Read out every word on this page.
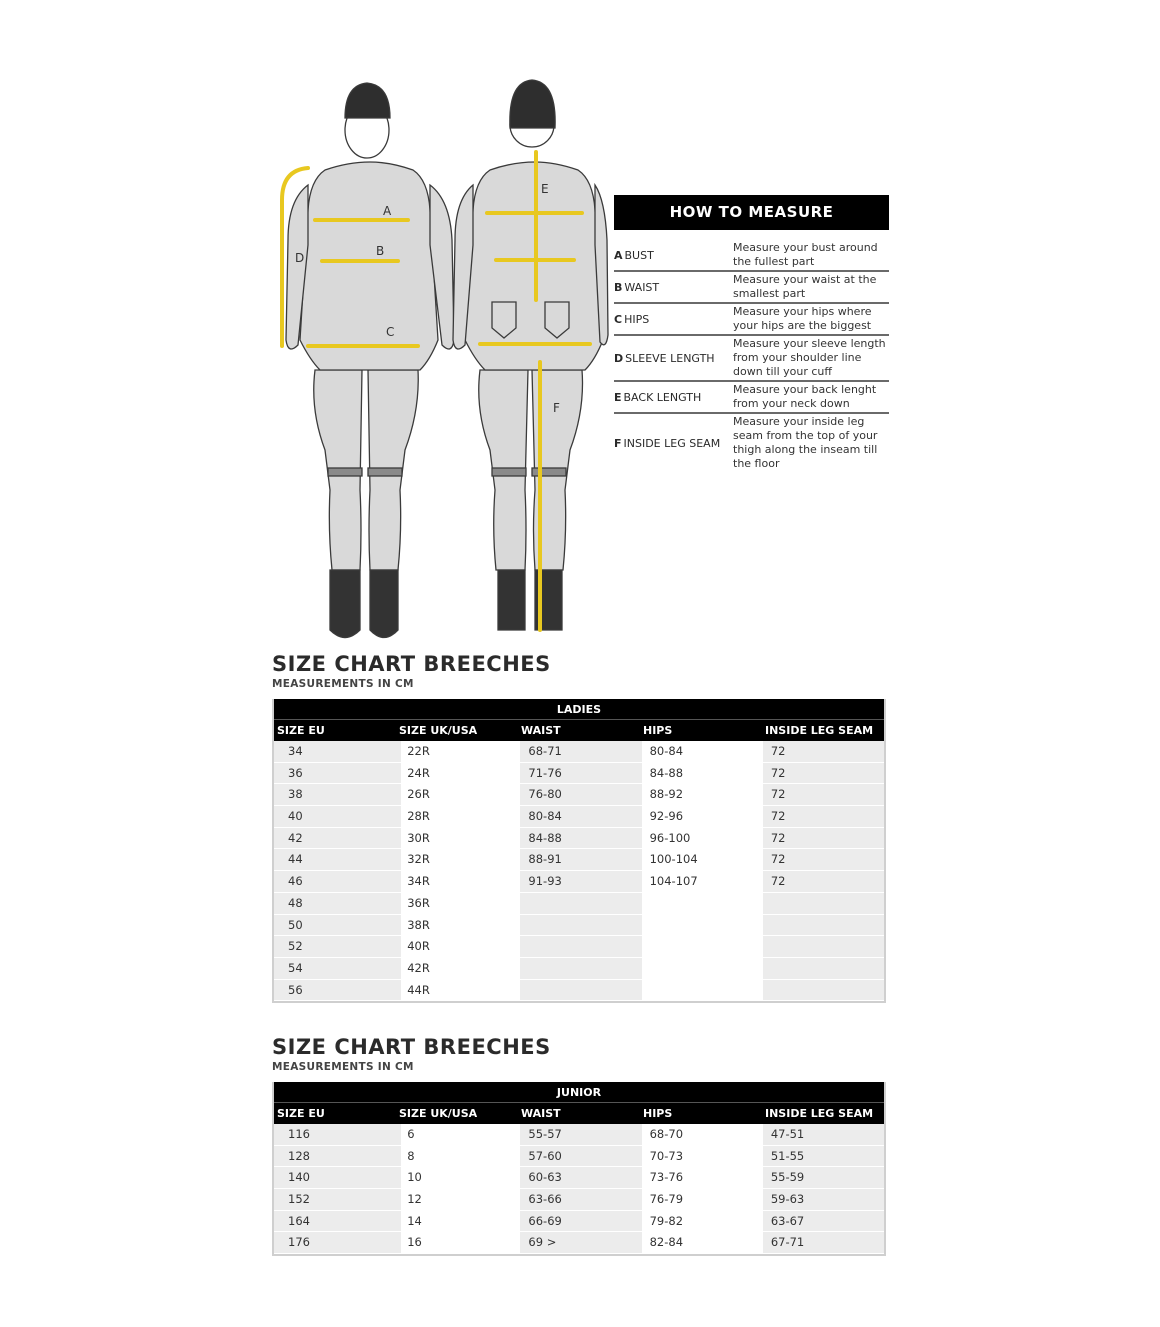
A
B
C
D
E
F
HOW TO MEASURE
A BUST
Measure your bust around the fullest part
B WAIST
Measure your waist at the smallest part
C HIPS
Measure your hips where your hips are the biggest
D SLEEVE LENGTH
Measure your sleeve length from your shoulder line down till your cuff
E BACK LENGTH
Measure your back lenght from your neck down
F INSIDE LEG SEAM
Measure your inside leg seam from the top of your thigh along the inseam till the floor
SIZE CHART BREECHES
MEASUREMENTS IN CM
LADIES
SIZE EU	SIZE UK/USA	WAIST	HIPS	INSIDE LEG SEAM
34	22R	68-71	80-84	72
36	24R	71-76	84-88	72
38	26R	76-80	88-92	72
40	28R	80-84	92-96	72
42	30R	84-88	96-100	72
44	32R	88-91	100-104	72
46	34R	91-93	104-107	72
48	36R
50	38R
52	40R
54	42R
56	44R
SIZE CHART BREECHES
MEASUREMENTS IN CM
JUNIOR
SIZE EU	SIZE UK/USA	WAIST	HIPS	INSIDE LEG SEAM
116	6	55-57	68-70	47-51
128	8	57-60	70-73	51-55
140	10	60-63	73-76	55-59
152	12	63-66	76-79	59-63
164	14	66-69	79-82	63-67
176	16	69 >	82-84	67-71
